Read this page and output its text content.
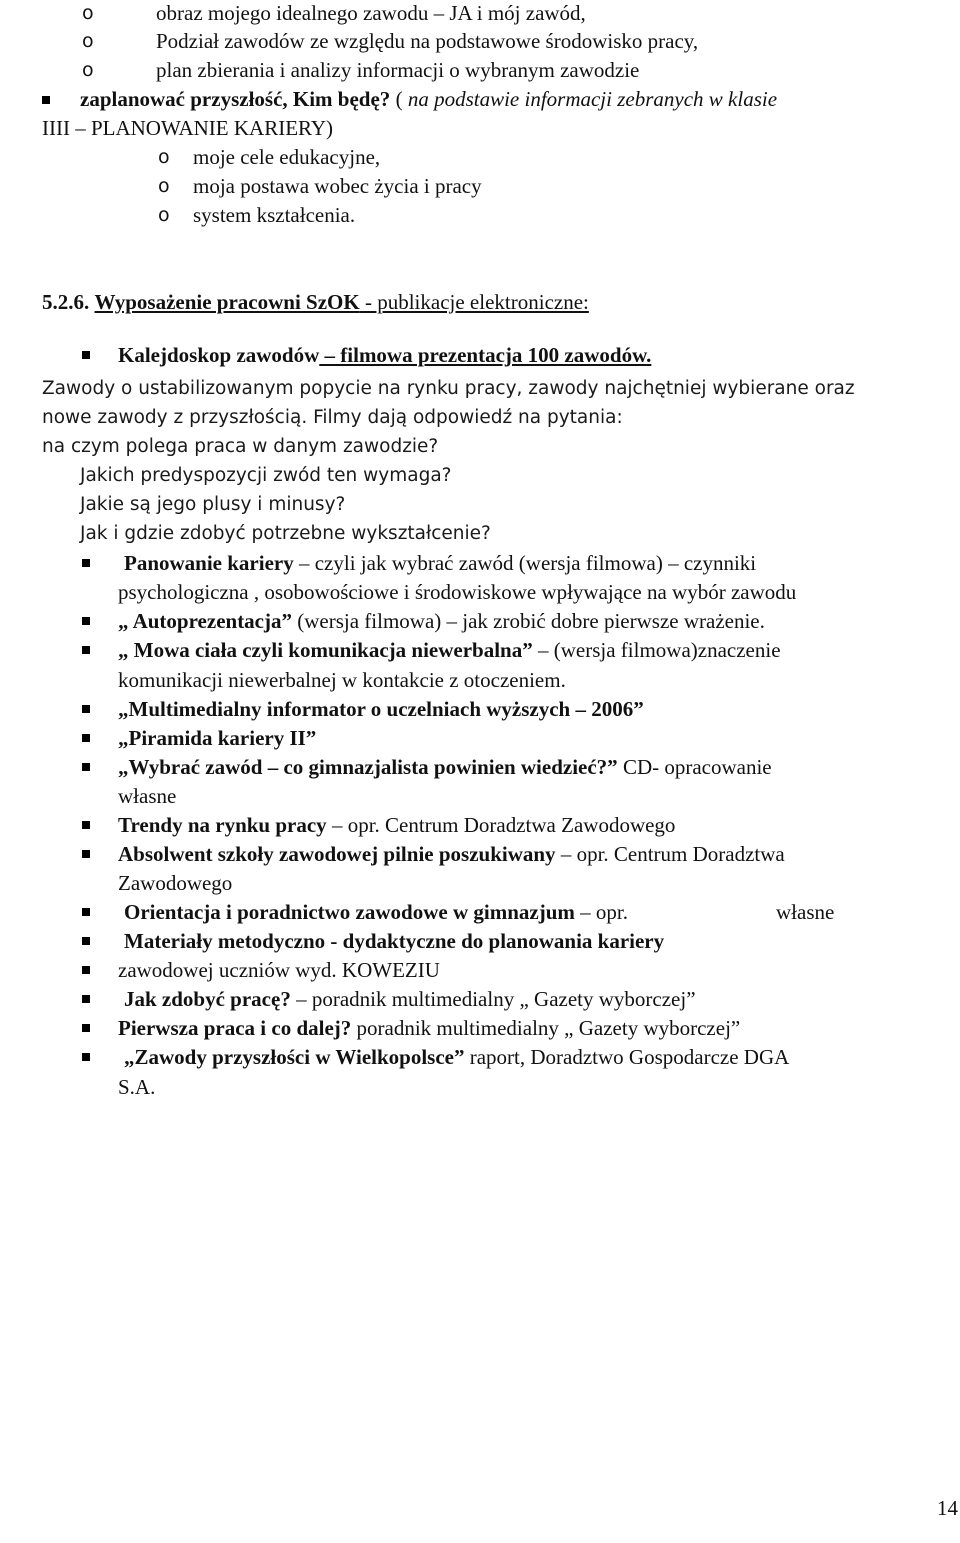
o	obraz mojego idealnego zawodu – JA i mój zawód,
o	Podział zawodów ze względu na podstawowe środowisko pracy,
o	plan zbierania i analizy informacji o wybranym zawodzie
zaplanować przyszłość, Kim będę? ( na podstawie informacji zebranych w klasie
IIII – PLANOWANIE KARIERY)
o moje cele edukacyjne,
o moja postawa wobec życia i pracy
o system kształcenia.
5.2.6. Wyposażenie pracowni SzOK - publikacje elektroniczne:
Kalejdoskop zawodów – filmowa prezentacja 100 zawodów.
Zawody o ustabilizowanym popycie na rynku pracy, zawody najchętniej wybierane oraz
nowe zawody z przyszłością. Filmy dają odpowiedź na pytania:
na czym polega praca w danym zawodzie?
Jakich predyspozycji zwód ten wymaga?
Jakie są jego plusy i minusy?
Jak i gdzie zdobyć potrzebne wykształcenie?
Panowanie kariery – czyli jak wybrać zawód (wersja filmowa) – czynniki
psychologiczna , osobowościowe i środowiskowe wpływające na wybór zawodu
„ Autoprezentacja” (wersja filmowa) – jak zrobić dobre pierwsze wrażenie.
„ Mowa ciała czyli komunikacja niewerbalna” – (wersja filmowa)znaczenie
komunikacji niewerbalnej w kontakcie z otoczeniem.
„Multimedialny informator o uczelniach wyższych – 2006”
„Piramida kariery II”
„Wybrać zawód – co gimnazjalista powinien wiedzieć?” CD- opracowanie
własne
Trendy na rynku pracy – opr. Centrum Doradztwa Zawodowego
Absolwent szkoły zawodowej pilnie poszukiwany – opr. Centrum Doradztwa
Zawodowego
Orientacja i poradnictwo zawodowe w gimnazjum – opr.	własne
Materiały metodyczno - dydaktyczne do planowania kariery
zawodowej uczniów wyd. KOWEZIU
Jak zdobyć pracę? – poradnik multimedialny „ Gazety wyborczej”
Pierwsza praca i co dalej? poradnik multimedialny „ Gazety wyborczej”
„Zawody przyszłości w Wielkopolsce” raport, Doradztwo Gospodarcze DGA
S.A.
14
